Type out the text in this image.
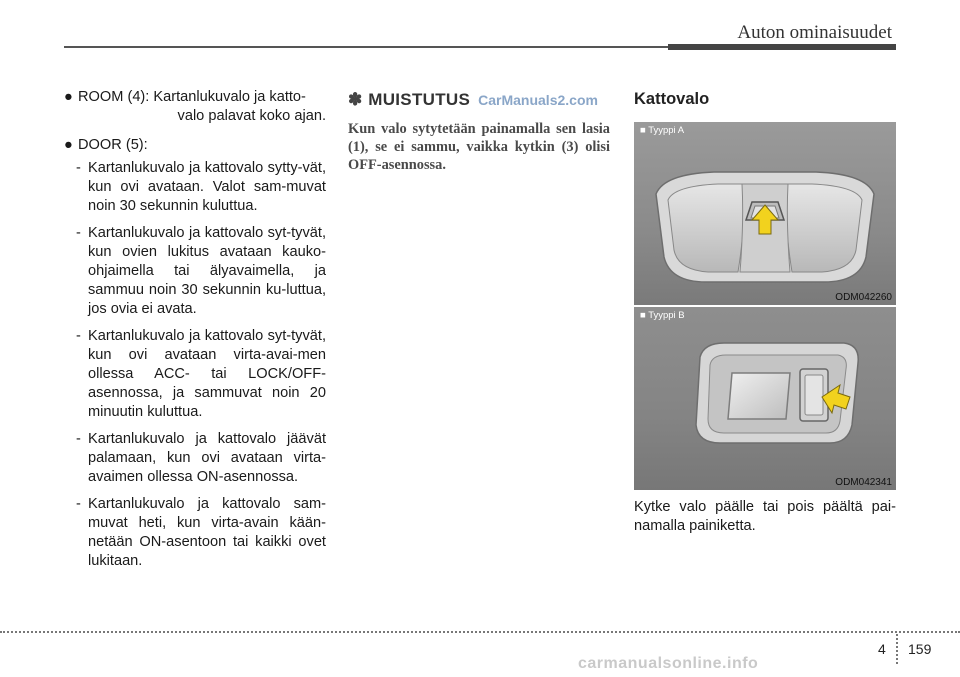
Auton ominaisuudet
● ROOM (4): Kartanlukuvalo ja katto-
valo palavat koko ajan.
● DOOR (5):
- Kartanlukuvalo ja kattovalo sytty-vät, kun ovi avataan. Valot sam-muvat noin 30 sekunnin kuluttua.
- Kartanlukuvalo ja kattovalo syt-tyvät, kun ovien lukitus avataan kauko-ohjaimella tai älyavaimella, ja sammuu noin 30 sekunnin ku-luttua, jos ovia ei avata.
- Kartanlukuvalo ja kattovalo syt-tyvät, kun ovi avataan virta-avai-men ollessa ACC- tai LOCK/OFF-asennossa, ja sammuvat noin 20 minuutin kuluttua.
- Kartanlukuvalo ja kattovalo jäävät palamaan, kun ovi avataan virta-avaimen ollessa ON-asennossa.
- Kartanlukuvalo ja kattovalo sam-muvat heti, kun virta-avain kään-netään ON-asentoon tai kaikki ovet lukitaan.
✽ MUISTUTUS CarManuals2.com
Kun valo sytytetään painamalla sen lasia (1), se ei sammu, vaikka kytkin (3) olisi OFF-asennossa.
Kattovalo
■ Tyyppi A
ODM042260
■ Tyyppi B
ODM042341
Kytke valo päälle tai pois päältä pai-namalla painiketta.
4 159
carmanualsonline.info
